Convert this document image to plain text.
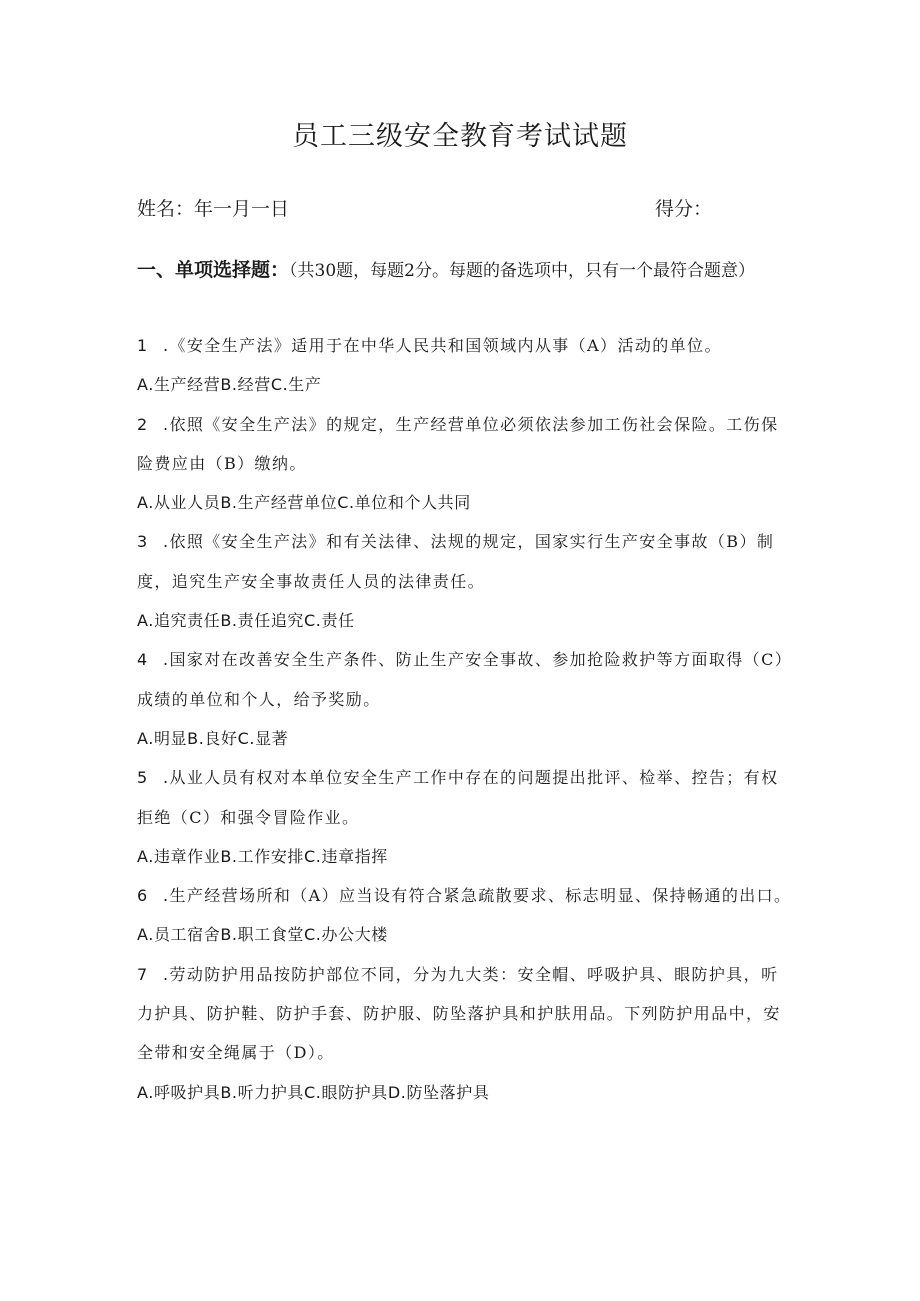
员工三级安全教育考试试题
姓名：年一月一日	得分：
一、单项选择题：（共30题，每题2分。每题的备选项中，只有一个最符合题意）

1 .《安全生产法》适用于在中华人民共和国领域内从事（A）活动的单位。

A.生产经营B.经营C.生产

2 .依照《安全生产法》的规定，生产经营单位必须依法参加工伤社会保险。工伤保险费应由（B）缴纳。

A.从业人员B.生产经营单位C.单位和个人共同

3 .依照《安全生产法》和有关法律、法规的规定，国家实行生产安全事故（B）制度，追究生产安全事故责任人员的法律责任。

A.追究责任B.责任追究C.责任

4 .国家对在改善安全生产条件、防止生产安全事故、参加抢险救护等方面取得（C）成绩的单位和个人，给予奖励。

A.明显B.良好C.显著

5 .从业人员有权对本单位安全生产工作中存在的问题提出批评、检举、控告；有权拒绝（C）和强令冒险作业。

A.违章作业B.工作安排C.违章指挥

6 .生产经营场所和（A）应当设有符合紧急疏散要求、标志明显、保持畅通的出口。

A.员工宿舍B.职工食堂C.办公大楼

7 .劳动防护用品按防护部位不同，分为九大类：安全帽、呼吸护具、眼防护具，听力护具、防护鞋、防护手套、防护服、防坠落护具和护肤用品。下列防护用品中，安全带和安全绳属于（D）。

A.呼吸护具B.听力护具C.眼防护具D.防坠落护具
